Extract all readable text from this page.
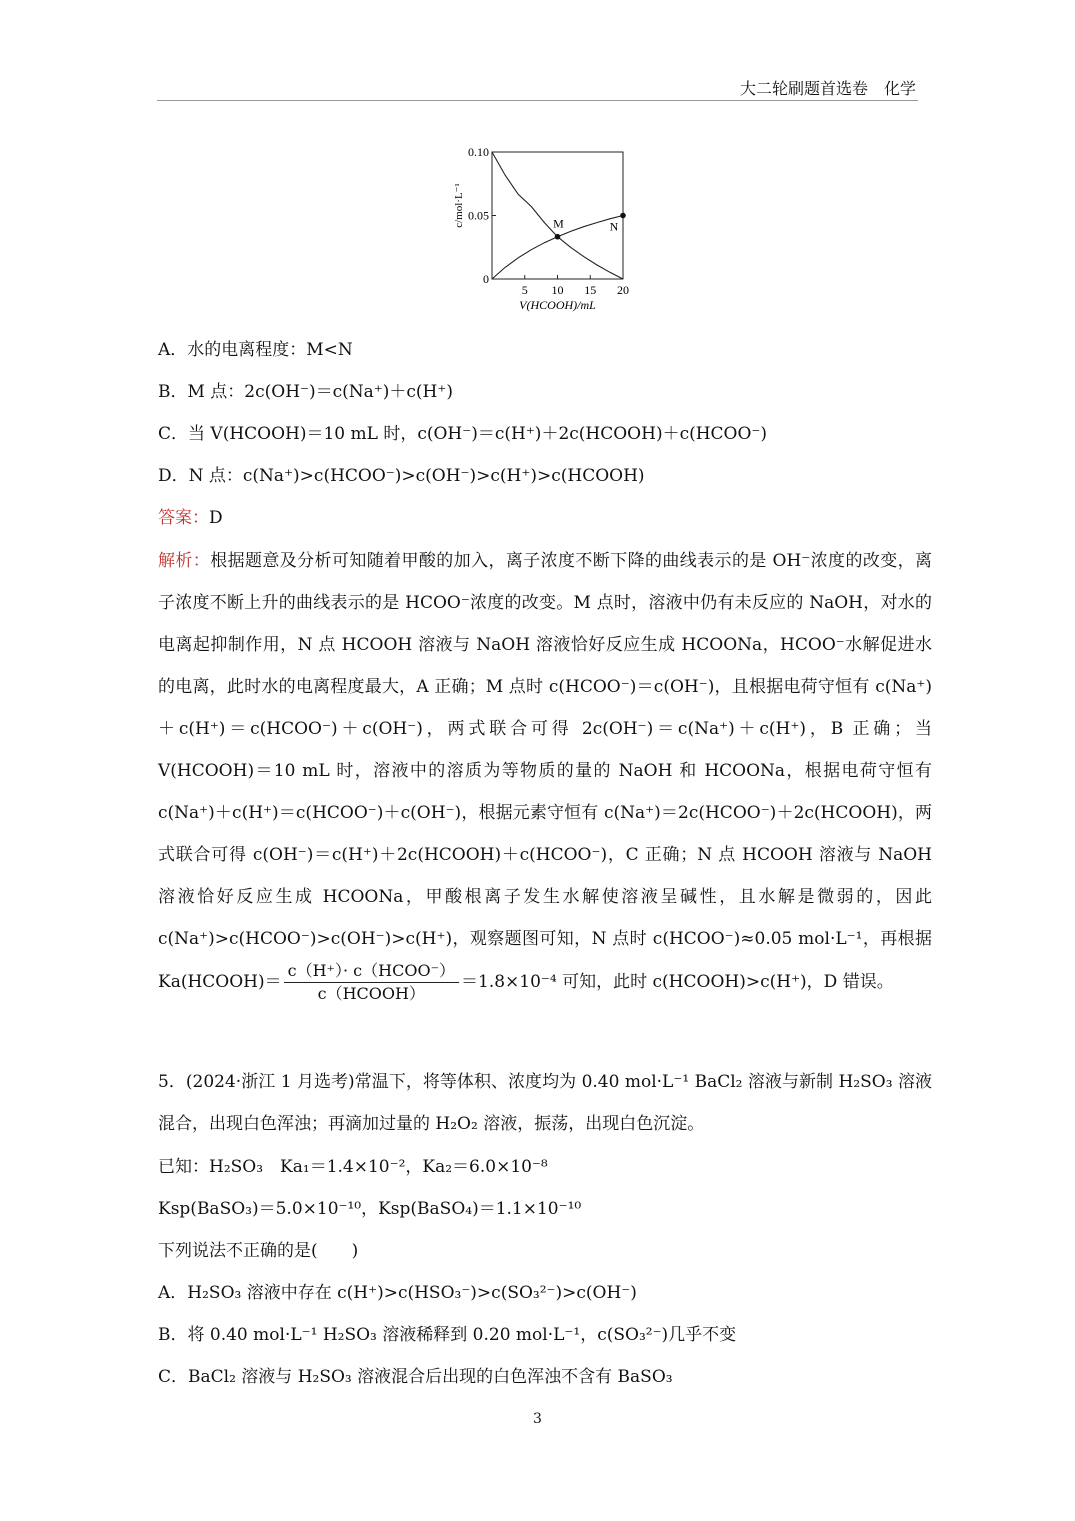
大二轮刷题首选卷　化学
0.10
0.05
0
5 10 15 20
V(HCOOH)/mL
c/mol·L⁻¹	M	N
A．水的电离程度：M<N
B．M 点：2c(OH⁻)＝c(Na⁺)＋c(H⁺)
C．当 V(HCOOH)＝10 mL 时，c(OH⁻)＝c(H⁺)＋2c(HCOOH)＋c(HCOO⁻)
D．N 点：c(Na⁺)>c(HCOO⁻)>c(OH⁻)>c(H⁺)>c(HCOOH)
答案：D
解析：根据题意及分析可知随着甲酸的加入，离子浓度不断下降的曲线表示的是 OH⁻浓度的改变，离子浓度不断上升的曲线表示的是 HCOO⁻浓度的改变。M 点时，溶液中仍有未反应的 NaOH，对水的电离起抑制作用，N 点 HCOOH 溶液与 NaOH 溶液恰好反应生成 HCOONa，HCOO⁻水解促进水的电离，此时水的电离程度最大，A 正确；M 点时 c(HCOO⁻)＝c(OH⁻)，且根据电荷守恒有 c(Na⁺)＋c(H⁺)＝c(HCOO⁻)＋c(OH⁻)，两式联合可得 2c(OH⁻)＝c(Na⁺)＋c(H⁺)，B 正确；当 V(HCOOH)＝10 mL 时，溶液中的溶质为等物质的量的 NaOH 和 HCOONa，根据电荷守恒有 c(Na⁺)＋c(H⁺)＝c(HCOO⁻)＋c(OH⁻)，根据元素守恒有 c(Na⁺)＝2c(HCOO⁻)＋2c(HCOOH)，两式联合可得 c(OH⁻)＝c(H⁺)＋2c(HCOOH)＋c(HCOO⁻)，C 正确；N 点 HCOOH 溶液与 NaOH 溶液恰好反应生成 HCOONa，甲酸根离子发生水解使溶液呈碱性，且水解是微弱的，因此 c(Na⁺)>c(HCOO⁻)>c(OH⁻)>c(H⁺)，观察题图可知，N 点时 c(HCOO⁻)≈0.05 mol·L⁻¹，再根据 Ka(HCOOH)＝ $\frac{\text{c（H⁺）· c（HCOO⁻）}}{\text{c（HCOOH）}} =1.8\times 10^{-4}$ 可知，此时 c(HCOOH)>c(H⁺)，D 错误。
5．(2024·浙江 1 月选考)常温下，将等体积、浓度均为 0.40 mol·L⁻¹ BaCl₂ 溶液与新制 H₂SO₃ 溶液混合，出现白色浑浊；再滴加过量的 H₂O₂ 溶液，振荡，出现白色沉淀。
已知：H₂SO₃　Ka₁＝1.4×10⁻²，Ka₂＝6.0×10⁻⁸
Ksp(BaSO₃)＝5.0×10⁻¹⁰，Ksp(BaSO₄)＝1.1×10⁻¹⁰
下列说法不正确的是(　　)
A．H₂SO₃ 溶液中存在 c(H⁺)>c(HSO₃⁻)>c(SO₃²⁻)>c(OH⁻)
B．将 0.40 mol·L⁻¹ H₂SO₃ 溶液稀释到 0.20 mol·L⁻¹，c(SO₃²⁻)几乎不变
C．BaCl₂ 溶液与 H₂SO₃ 溶液混合后出现的白色浑浊不含有 BaSO₃
3
